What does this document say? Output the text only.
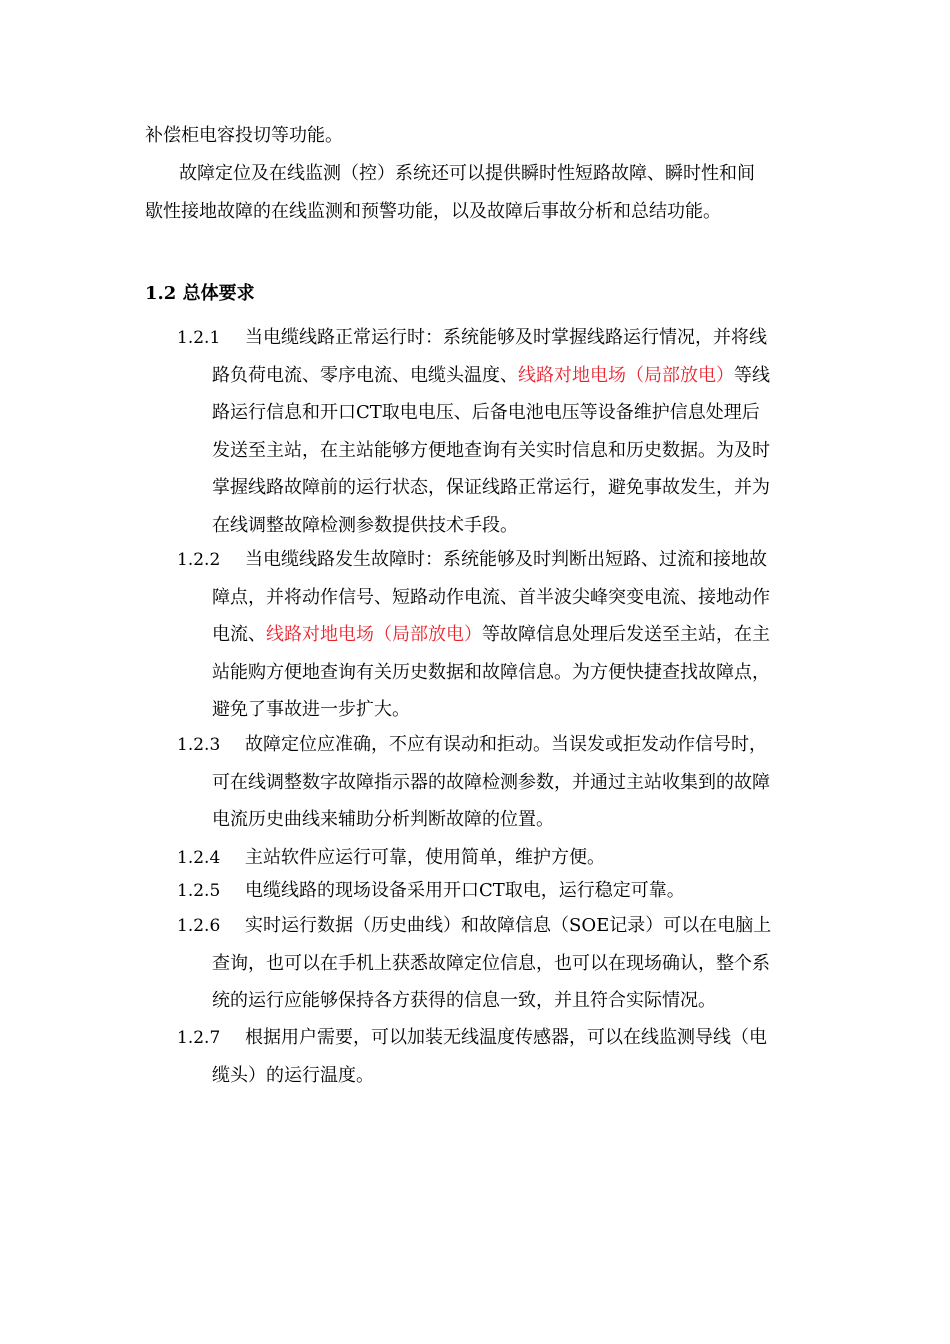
补偿柜电容投切等功能。

故障定位及在线监测（控）系统还可以提供瞬时性短路故障、瞬时性和间

歇性接地故障的在线监测和预警功能，以及故障后事故分析和总结功能。

1.2 总体要求

1.2.1 当电缆线路正常运行时：系统能够及时掌握线路运行情况，并将线

路负荷电流、零序电流、电缆头温度、线路对地电场（局部放电）等线

路运行信息和开口CT取电电压、后备电池电压等设备维护信息处理后

发送至主站，在主站能够方便地查询有关实时信息和历史数据。为及时

掌握线路故障前的运行状态，保证线路正常运行，避免事故发生，并为

在线调整故障检测参数提供技术手段。

1.2.2 当电缆线路发生故障时：系统能够及时判断出短路、过流和接地故

障点，并将动作信号、短路动作电流、首半波尖峰突变电流、接地动作

电流、线路对地电场（局部放电）等故障信息处理后发送至主站，在主

站能购方便地查询有关历史数据和故障信息。为方便快捷查找故障点，

避免了事故进一步扩大。

1.2.3 故障定位应准确，不应有误动和拒动。当误发或拒发动作信号时，

可在线调整数字故障指示器的故障检测参数，并通过主站收集到的故障

电流历史曲线来辅助分析判断故障的位置。

1.2.4 主站软件应运行可靠，使用简单，维护方便。

1.2.5 电缆线路的现场设备采用开口CT取电，运行稳定可靠。

1.2.6 实时运行数据（历史曲线）和故障信息（SOE记录）可以在电脑上

查询，也可以在手机上获悉故障定位信息，也可以在现场确认，整个系

统的运行应能够保持各方获得的信息一致，并且符合实际情况。

1.2.7 根据用户需要，可以加装无线温度传感器，可以在线监测导线（电

缆头）的运行温度。
